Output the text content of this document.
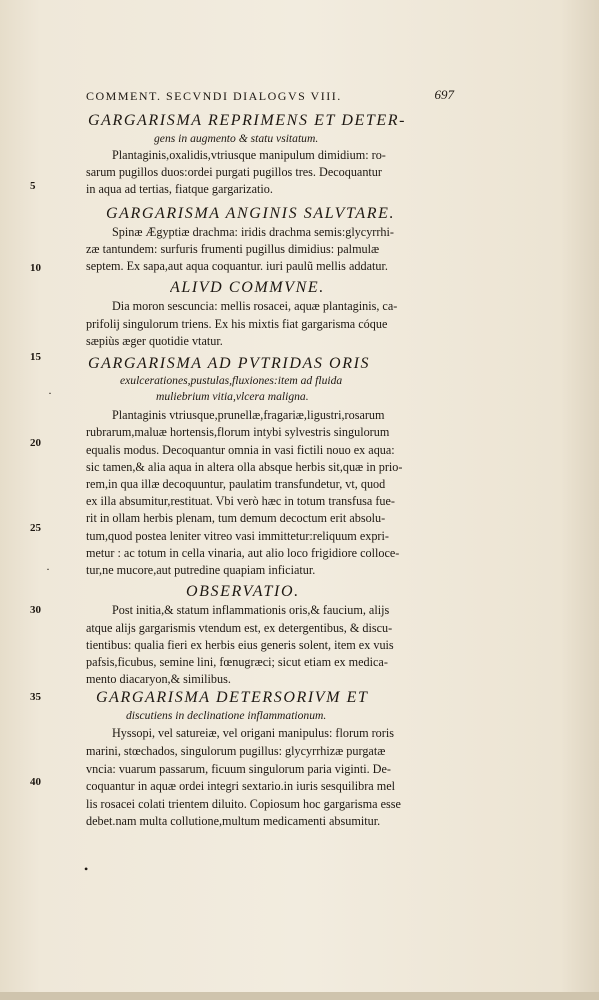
COMMENT. SECVNDI DIALOGVS VIII.	697
GARGARISMA REPRIMENS ET DETER-
gens in augmento & statu vsitatum.
Plantaginis,oxalidis,vtriusque manipulum dimidium: ro-
sarum pugillos duos:ordei purgati pugillos tres. Decoquantur
in aqua ad tertias, fiatque gargarizatio.
GARGARISMA ANGINIS SALVTARE.
Spinæ Ægyptiæ drachma: iridis drachma semis:glycyrrhi-
zæ tantundem: surfuris frumenti pugillus dimidius: palmulæ
septem. Ex sapa,aut aqua coquantur. iuri paulũ mellis addatur.
ALIVD COMMVNE.
Dia moron sescuncia: mellis rosacei, aquæ plantaginis, ca-
prifolij singulorum triens. Ex his mixtis fiat gargarisma cóque
sæpiùs æger quotidie vtatur.
GARGARISMA AD PVTRIDAS ORIS
exulcerationes,pustulas,fluxiones:item ad fluida
muliebrium vitia,vlcera maligna.
Plantaginis vtriusque,prunellæ,fragariæ,ligustri,rosarum
rubrarum,maluæ hortensis,florum intybi sylvestris singulorum
equalis modus. Decoquantur omnia in vasi fictili nouo ex aqua:
sic tamen,& alia aqua in altera olla absque herbis sit,quæ in prio-
rem,in qua illæ decoquuntur, paulatim transfundetur, vt, quod
ex illa absumitur,restituat. Vbi verò hæc in totum transfusa fue-
rit in ollam herbis plenam, tum demum decoctum erit absolu-
tum,quod postea leniter vitreo vasi immittetur:reliquum expri-
metur : ac totum in cella vinaria, aut alio loco frigidiore colloce-
tur,ne mucore,aut putredine quapiam inficiatur.
OBSERVATIO.
Post initia,& statum inflammationis oris,& faucium, alijs
atque alijs gargarismis vtendum est, ex detergentibus, & discu-
tientibus: qualia fieri ex herbis eius generis solent, item ex vuis
pafsis,ficubus, semine lini, fœnugræci; sicut etiam ex medica-
mento diacaryon,& similibus.
GARGARISMA DETERSORIVM ET
discutiens in declinatione inflammationum.
Hyssopi, vel satureiæ, vel origani manipulus: florum roris
marini, stœchados, singulorum pugillus: glycyrrhizæ purgatæ
vncia: vuarum passarum, ficuum singulorum paria viginti. De-
coquantur in aquæ ordei integri sextario.in iuris sesquilibra mel
lis rosacei colati trientem diluito. Copiosum hoc gargarisma esse
debet.nam multa collutione,multum medicamenti absumitur.
5
10
15
20
25
30
35
40
·
·
•
